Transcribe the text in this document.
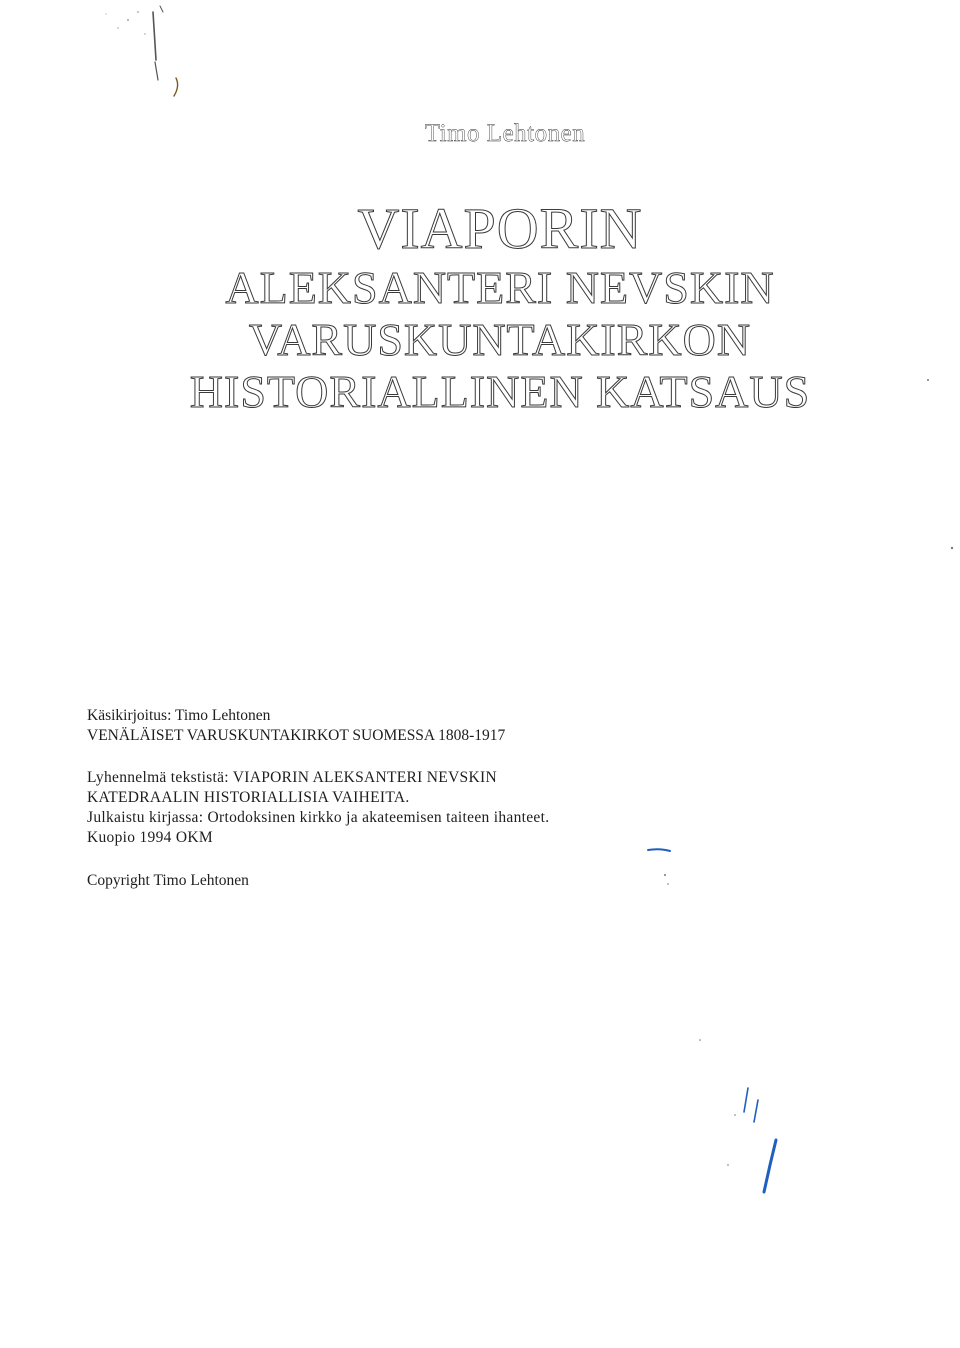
Timo Lehtonen
VIAPORIN
ALEKSANTERI NEVSKIN
VARUSKUNTAKIRKON
HISTORIALLINEN KATSAUS

Käsikirjoitus: Timo Lehtonen

VENÄLÄISET VARUSKUNTAKIRKOT SUOMESSA 1808-1917

Lyhennelmä tekstistä: VIAPORIN ALEKSANTERI NEVSKIN

KATEDRAALIN HISTORIALLISIA VAIHEITA.

Julkaistu kirjassa: Ortodoksinen kirkko ja akateemisen taiteen ihanteet.

Kuopio 1994 OKM

Copyright Timo Lehtonen
